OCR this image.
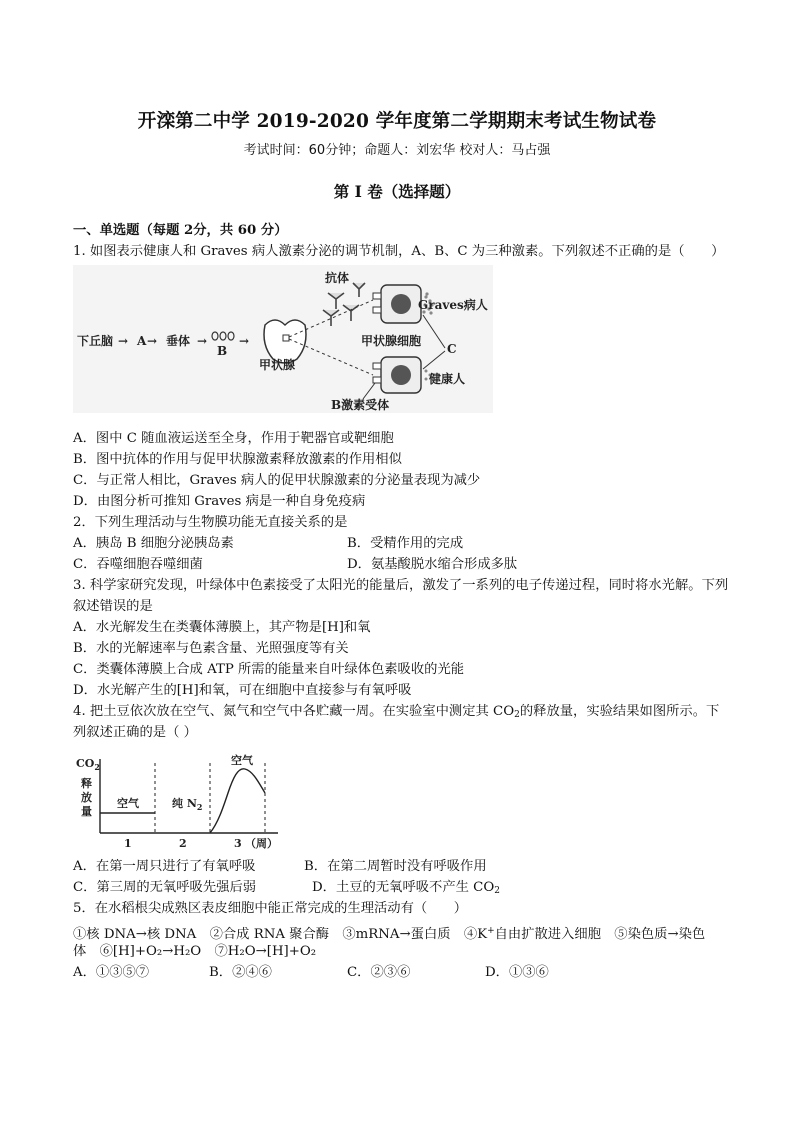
开滦第二中学 2019-2020 学年度第二学期期末考试生物试卷
考试时间：60分钟；命题人：刘宏华 校对人：马占强
第 I 卷（选择题）
一、单选题（每题 2分，共 60 分）
1. 如图表示健康人和 Graves 病人激素分泌的调节机制，A、B、C 为三种激素。下列叙述不正确的是（　　）
抗体
Graves病人
下丘脑 → A → 垂体 →
B
→
甲状腺
甲状腺细胞
C
健康人
B激素受体
A．图中 C 随血液运送至全身，作用于靶器官或靶细胞
B．图中抗体的作用与促甲状腺激素释放激素的作用相似
C．与正常人相比，Graves 病人的促甲状腺激素的分泌量表现为减少
D．由图分析可推知 Graves 病是一种自身免疫病
2．下列生理活动与生物膜功能无直接关系的是
A．胰岛 B 细胞分泌胰岛素	B．受精作用的完成
C．吞噬细胞吞噬细菌	D．氨基酸脱水缩合形成多肽
3. 科学家研究发现，叶绿体中色素接受了太阳光的能量后，激发了一系列的电子传递过程，同时将水光解。下列
叙述错误的是
A．水光解发生在类囊体薄膜上，其产物是[H]和氧
B．水的光解速率与色素含量、光照强度等有关
C．类囊体薄膜上合成 ATP 所需的能量来自叶绿体色素吸收的光能
D．水光解产生的[H]和氧，可在细胞中直接参与有氧呼吸
4. 把土豆依次放在空气、氮气和空气中各贮藏一周。在实验室中测定其 $CO_2$的释放量，实验结果如图所示。下
列叙述正确的是（ ）
$CO_2$
释
放
量
空气	纯 $N_2$
空气
1	2	3 （周）
A．在第一周只进行了有氧呼吸	B．在第二周暂时没有呼吸作用
C．第三周的无氧呼吸先强后弱	D．土豆的无氧呼吸不产生 $CO_2$
5．在水稻根尖成熟区表皮细胞中能正常完成的生理活动有（　　）
①核 DNA→核 DNA　②合成 RNA 聚合酶　③mRNA→蛋白质　④K+自由扩散进入细胞　⑤染色质→染色
体　⑥[H]+O₂→H₂O　⑦H₂O→[H]+O₂
A．①③⑤⑦	B．②④⑥	C．②③⑥	D．①③⑥
